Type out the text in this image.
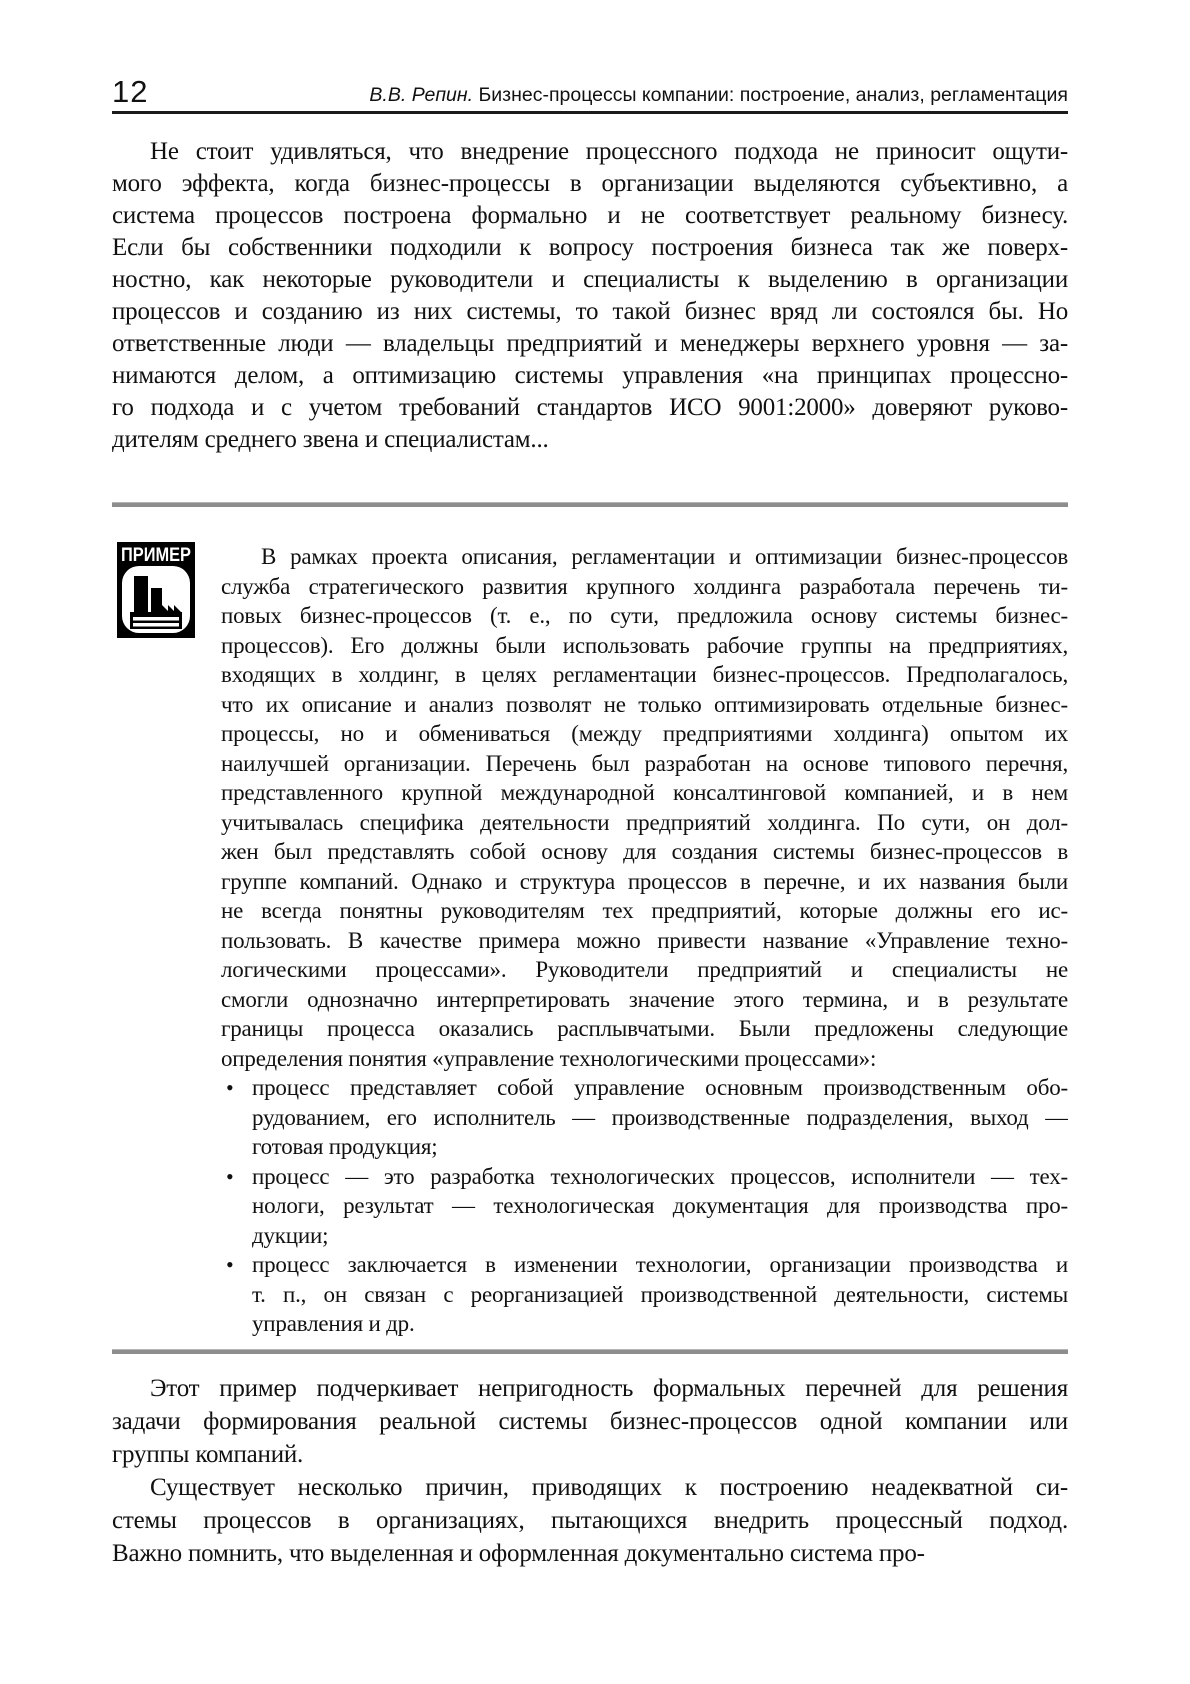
12	В.В. Репин. Бизнес-процессы компании: построение, анализ, регламентация
Не стоит удивляться, что внедрение процессного подхода не приносит ощути-
мого эффекта, когда бизнес-процессы в организации выделяются субъективно, а
система процессов построена формально и не соответствует реальному бизнесу.
Если бы собственники подходили к вопросу построения бизнеса так же поверх-
ностно, как некоторые руководители и специалисты к выделению в организации
процессов и созданию из них системы, то такой бизнес вряд ли состоялся бы. Но
ответственные люди — владельцы предприятий и менеджеры верхнего уровня — за-
нимаются делом, а оптимизацию системы управления «на принципах процессно-
го подхода и с учетом требований стандартов ИСО 9001:2000» доверяют руково-
дителям среднего звена и специалистам...
ПРИМЕР	В рамках проекта описания, регламентации и оптимизации бизнес-процессов
служба стратегического развития крупного холдинга разработала перечень ти-
повых бизнес-процессов (т. е., по сути, предложила основу системы бизнес-
процессов). Его должны были использовать рабочие группы на предприятиях,
входящих в холдинг, в целях регламентации бизнес-процессов. Предполагалось,
что их описание и анализ позволят не только оптимизировать отдельные бизнес-
процессы, но и обмениваться (между предприятиями холдинга) опытом их
наилучшей организации. Перечень был разработан на основе типового перечня,
представленного крупной международной консалтинговой компанией, и в нем
учитывалась специфика деятельности предприятий холдинга. По сути, он дол-
жен был представлять собой основу для создания системы бизнес-процессов в
группе компаний. Однако и структура процессов в перечне, и их названия были
не всегда понятны руководителям тех предприятий, которые должны его ис-
пользовать. В качестве примера можно привести название «Управление техно-
логическими процессами». Руководители предприятий и специалисты не
смогли однозначно интерпретировать значение этого термина, и в результате
границы процесса оказались расплывчатыми. Были предложены следующие
определения понятия «управление технологическими процессами»:
• процесс представляет собой управление основным производственным обо-
рудованием, его исполнитель — производственные подразделения, выход —
готовая продукция;
• процесс — это разработка технологических процессов, исполнители — тех-
нологи, результат — технологическая документация для производства про-
дукции;
• процесс заключается в изменении технологии, организации производства и
т. п., он связан с реорганизацией производственной деятельности, системы
управления и др.
Этот пример подчеркивает непригодность формальных перечней для решения
задачи формирования реальной системы бизнес-процессов одной компании или
группы компаний.
Существует несколько причин, приводящих к построению неадекватной си-
стемы процессов в организациях, пытающихся внедрить процессный подход.
Важно помнить, что выделенная и оформленная документально система про-
